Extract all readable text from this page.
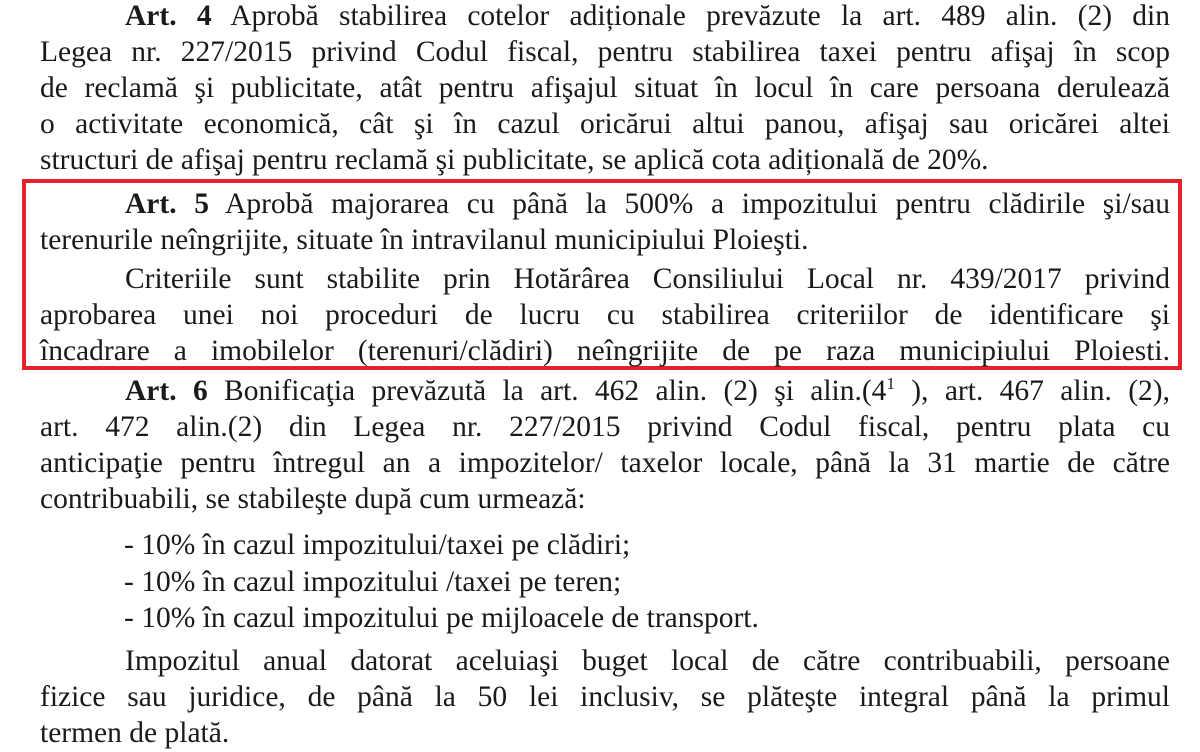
Art. 4 Aprobă stabilirea cotelor adiționale prevăzute la art. 489 alin. (2) din
Legea nr. 227/2015 privind Codul fiscal, pentru stabilirea taxei pentru afişaj în scop
de reclamă şi publicitate, atât pentru afişajul situat în locul în care persoana derulează
o activitate economică, cât şi în cazul oricărui altui panou, afişaj sau oricărei altei
structuri de afişaj pentru reclamă şi publicitate, se aplică cota adițională de 20%.
Art. 5 Aprobă majorarea cu până la 500% a impozitului pentru clădirile şi/sau
terenurile neîngrijite, situate în intravilanul municipiului Ploieşti.
Criteriile sunt stabilite prin Hotărârea Consiliului Local nr. 439/2017 privind
aprobarea unei noi proceduri de lucru cu stabilirea criteriilor de identificare şi
încadrare a imobilelor (terenuri/clădiri) neîngrijite de pe raza municipiului Ploiesti.
Art. 6 Bonificaţia prevăzută la art. 462 alin. (2) şi $alin.(4^1$ ), art. 467 alin. (2),
art. 472 alin.(2) din Legea nr. 227/2015 privind Codul fiscal, pentru plata cu
anticipaţie pentru întregul an a impozitelor/ taxelor locale, până la 31 martie de către
contribuabili, se stabileşte după cum urmează:
- 10% în cazul impozitului/taxei pe clădiri;
- 10% în cazul impozitului /taxei pe teren;
- 10% în cazul impozitului pe mijloacele de transport.
Impozitul anual datorat aceluiaşi buget local de către contribuabili, persoane
fizice sau juridice, de până la 50 lei inclusiv, se plăteşte integral până la primul
termen de plată.
